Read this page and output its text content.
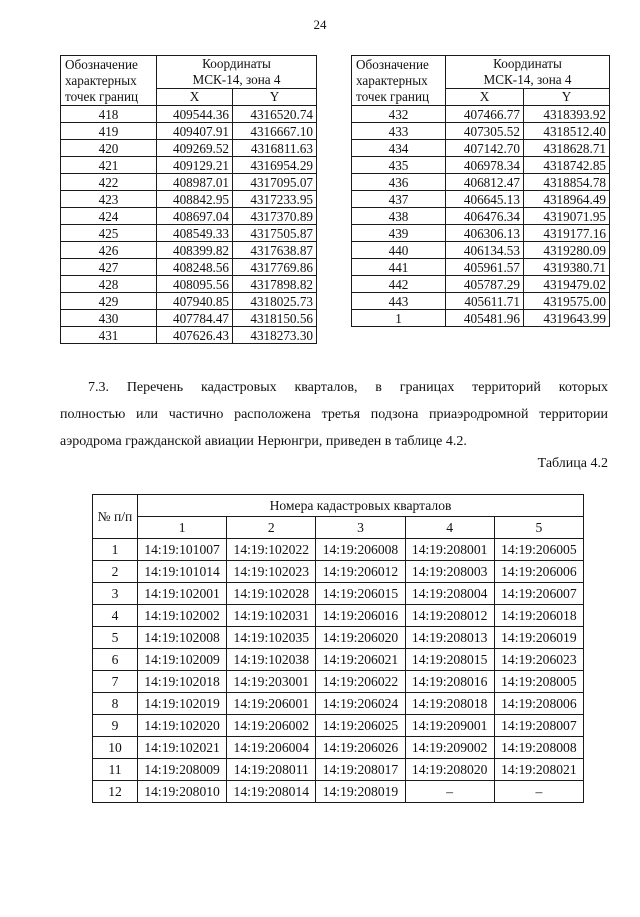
24
Обозначение
характерных
точек границ	Координаты
МСК-14, зона 4	

	X	Y
418	409544.36	4316520.74
419	409407.91	4316667.10
420	409269.52	4316811.63
421	409129.21	4316954.29
422	408987.01	4317095.07
423	408842.95	4317233.95
424	408697.04	4317370.89
425	408549.33	4317505.87
426	408399.82	4317638.87
427	408248.56	4317769.86
428	408095.56	4317898.82
429	407940.85	4318025.73
430	407784.47	4318150.56
431	407626.43	4318273.30
Обозначение
характерных
точек границ	Координаты
МСК-14, зона 4	

	X	Y
432	407466.77	4318393.92
433	407305.52	4318512.40
434	407142.70	4318628.71
435	406978.34	4318742.85
436	406812.47	4318854.78
437	406645.13	4318964.49
438	406476.34	4319071.95
439	406306.13	4319177.16
440	406134.53	4319280.09
441	405961.57	4319380.71
442	405787.29	4319479.02
443	405611.71	4319575.00
1	405481.96	4319643.99
7.3. Перечень кадастровых кварталов, в границах территорий которых
полностью или частично расположена третья подзона приаэродромной территории
аэродрома гражданской авиации Нерюнгри, приведен в таблице 4.2.
Таблица 4.2
№ п/п	Номера кадастровых кварталов				
	1	2	3	4	5
1	14:19:101007	14:19:102022	14:19:206008	14:19:208001	14:19:206005
2	14:19:101014	14:19:102023	14:19:206012	14:19:208003	14:19:206006
3	14:19:102001	14:19:102028	14:19:206015	14:19:208004	14:19:206007
4	14:19:102002	14:19:102031	14:19:206016	14:19:208012	14:19:206018
5	14:19:102008	14:19:102035	14:19:206020	14:19:208013	14:19:206019
6	14:19:102009	14:19:102038	14:19:206021	14:19:208015	14:19:206023
7	14:19:102018	14:19:203001	14:19:206022	14:19:208016	14:19:208005
8	14:19:102019	14:19:206001	14:19:206024	14:19:208018	14:19:208006
9	14:19:102020	14:19:206002	14:19:206025	14:19:209001	14:19:208007
10	14:19:102021	14:19:206004	14:19:206026	14:19:209002	14:19:208008
11	14:19:208009	14:19:208011	14:19:208017	14:19:208020	14:19:208021
12	14:19:208010	14:19:208014	14:19:208019	–	–
